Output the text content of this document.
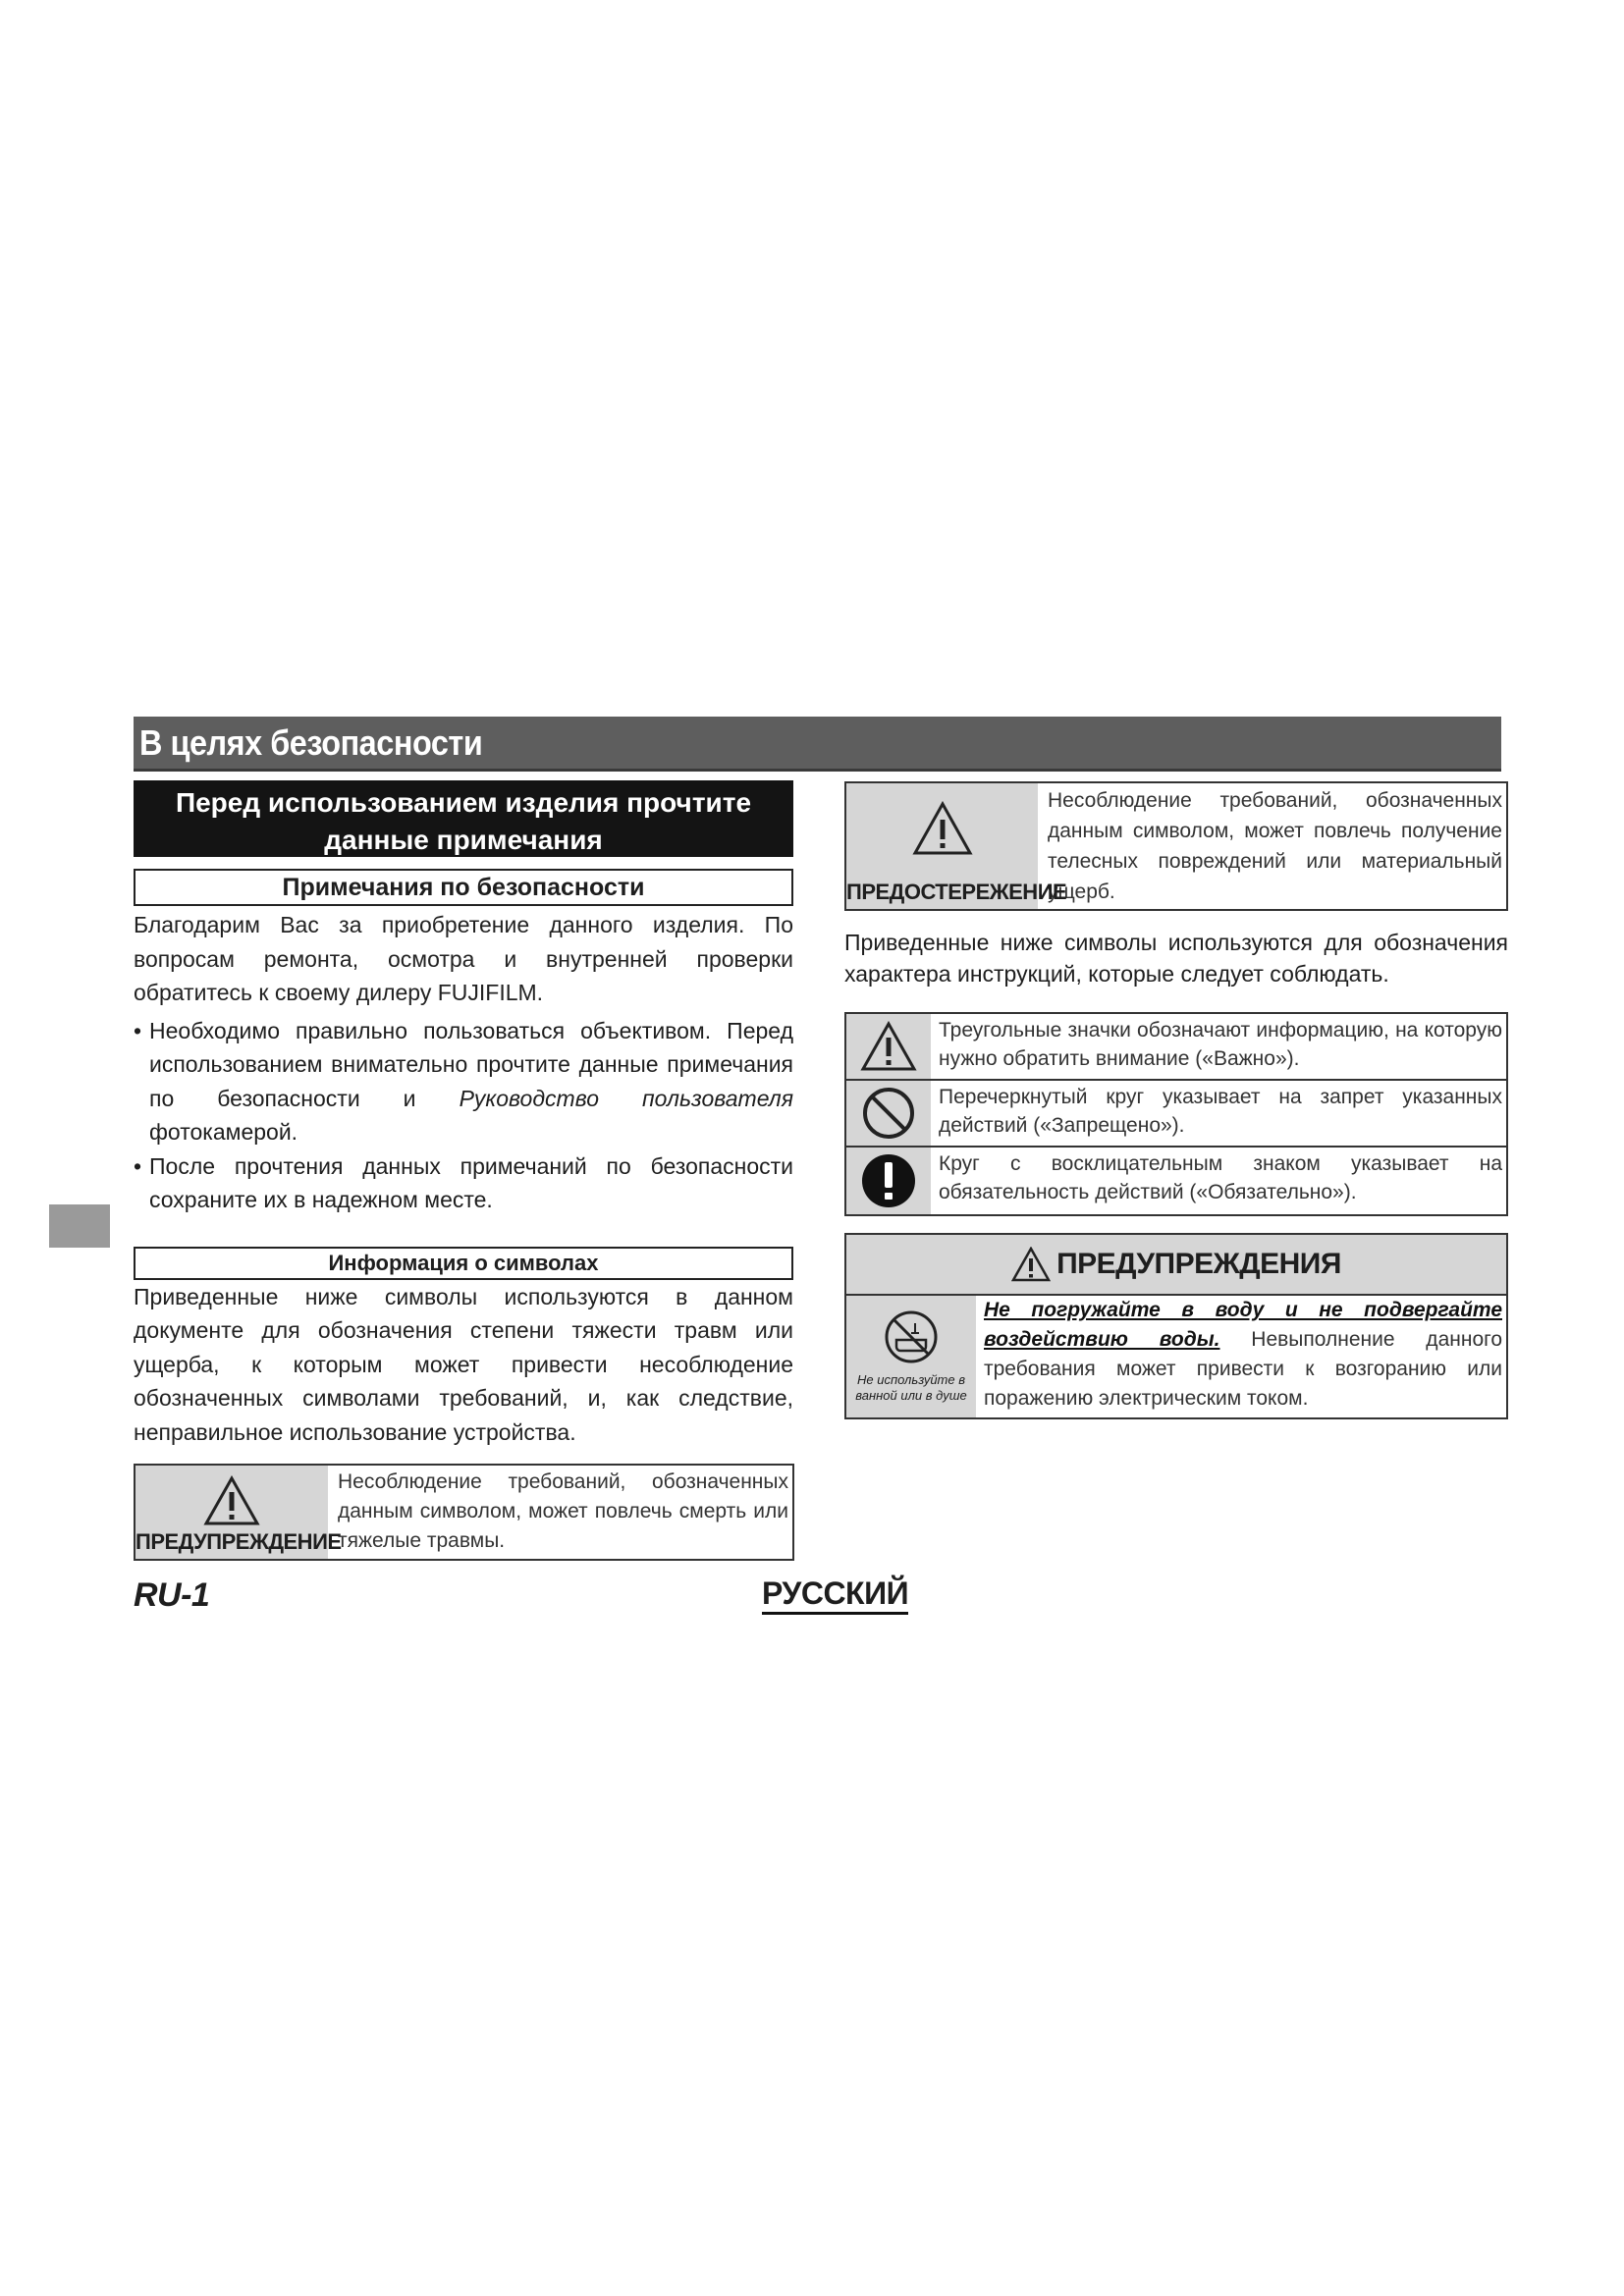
В целях безопасности
Перед использованием изделия прочтите данные примечания
Примечания по безопасности

Благодарим Вас за приобретение данного изделия. По вопросам ремонта, осмотра и внутренней проверки обратитесь к своему дилеру FUJIFILM.

• Необходимо правильно пользоваться объективом. Перед использованием внимательно прочтите данные примечания по безопасности и Руководство пользователя фотокамерой.
• После прочтения данных примечаний по безопасности сохраните их в надежном месте.
Информация о символах

Приведенные ниже символы используются в данном документе для обозначения степени тяжести травм или ущерба, к которым может привести несоблюдение обозначенных символами требований, и, как следствие, неправильное использование устройства.

ПРЕДУПРЕЖДЕНИЕ
Несоблюдение требований, обозначенных данным символом, может повлечь смерть или тяжелые травмы.
ПРЕДОСТЕРЕЖЕНИЕ
Несоблюдение требований, обозначенных данным символом, может повлечь получение телесных повреждений или материальный ущерб.
Приведенные ниже символы используются для обозначения характера инструкций, которые следует соблюдать.
Треугольные значки обозначают информацию, на которую нужно обратить внимание («Важно»).
Перечеркнутый круг указывает на запрет указанных действий («Запрещено»).
Круг с восклицательным знаком указывает на обязательность действий («Обязательно»).
ПРЕДУПРЕЖДЕНИЯ
Не используйте в ванной или в душе
Не погружайте в воду и не подвергайте воздействию воды. Невыполнение данного требования может привести к возгоранию или поражению электрическим током.
RU-1	РУССКИЙ
